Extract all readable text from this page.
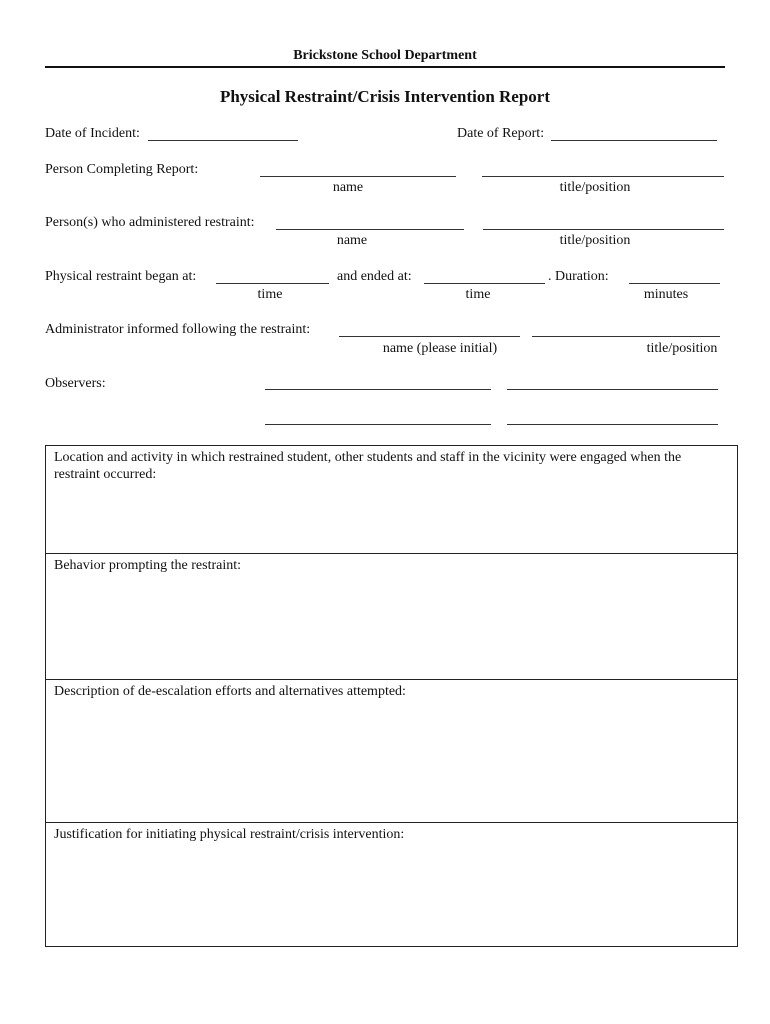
Brickstone School Department
Physical Restraint/Crisis Intervention Report
Date of Incident:	Date of Report:
Person Completing Report:
name	title/position
Person(s) who administered restraint:
name	title/position
Physical restraint began at:	and ended at:	. Duration:
time	time	minutes
Administrator informed following the restraint:
name (please initial)	title/position
Observers:
Location and activity in which restrained student, other students and staff in the vicinity were engaged when the restraint occurred:
Behavior prompting the restraint:
Description of de-escalation efforts and alternatives attempted:
Justification for initiating physical restraint/crisis intervention:
